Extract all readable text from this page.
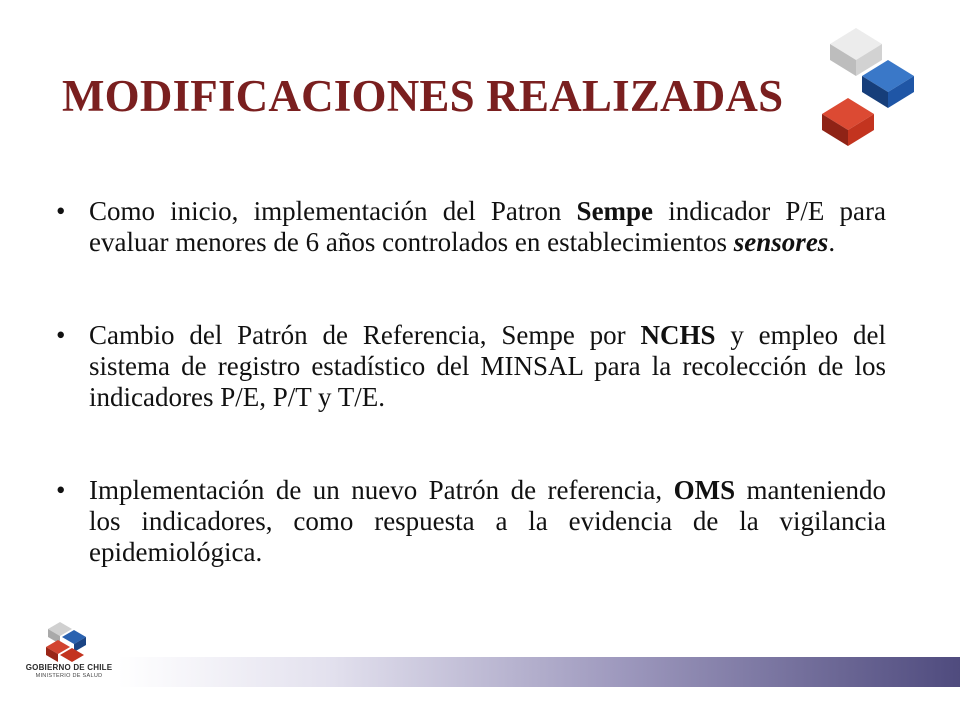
MODIFICACIONES REALIZADAS
• Como inicio, implementación del Patron Sempe indicador P/E para evaluar menores de 6 años controlados en establecimientos sensores.
• Cambio del Patrón de Referencia, Sempe por NCHS y empleo del sistema de registro estadístico del MINSAL para la recolección de los indicadores P/E, P/T y T/E.
• Implementación de un nuevo Patrón de referencia, OMS manteniendo los indicadores, como respuesta a la evidencia de la vigilancia epidemiológica.
GOBIERNO DE CHILE
MINISTERIO DE SALUD
